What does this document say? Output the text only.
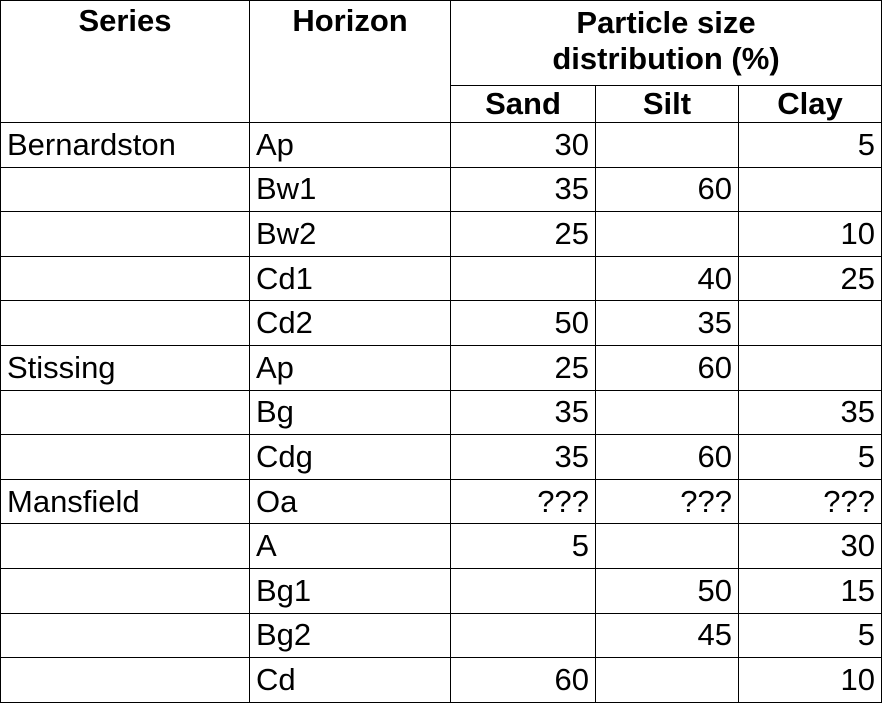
Series	Horizon	Particle size distribution (%)		
		Sand	Silt	Clay
Bernardston	Ap	30		5
	Bw1	35	60	
	Bw2	25		10
	Cd1		40	25
	Cd2	50	35	
Stissing	Ap	25	60	
	Bg	35		35
	Cdg	35	60	5
Mansfield	Oa	???	???	???
	A	5		30
	Bg1		50	15
	Bg2		45	5
	Cd	60		10
